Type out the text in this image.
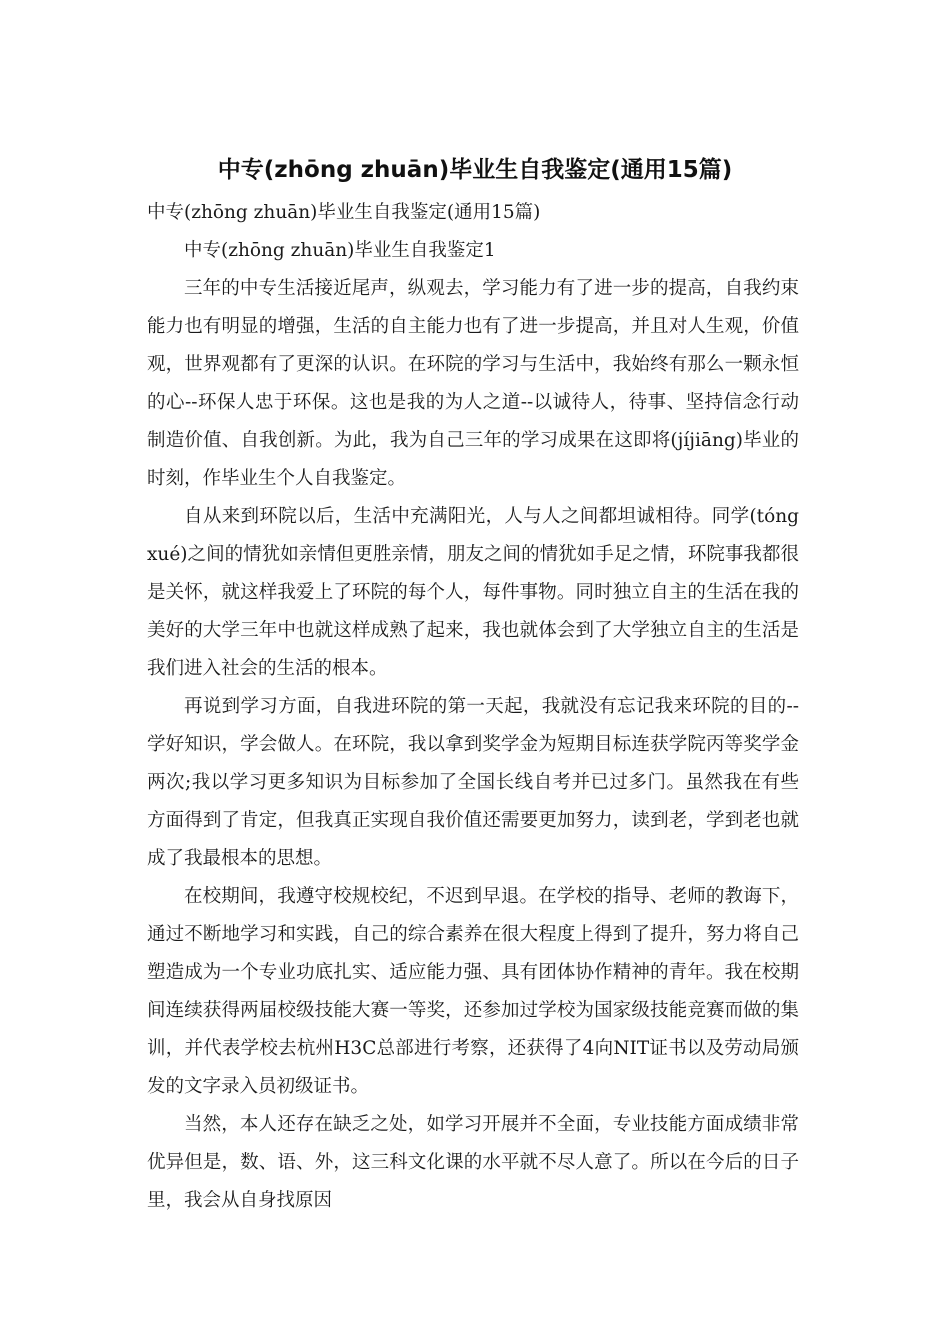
中专(zhōng zhuān)毕业生自我鉴定(通用15篇)

中专(zhōng zhuān)毕业生自我鉴定(通用15篇)

中专(zhōng zhuān)毕业生自我鉴定1

三年的中专生活接近尾声，纵观去，学习能力有了进一步的提高，自我约束能力也有明显的增强，生活的自主能力也有了进一步提高，并且对人生观，价值观，世界观都有了更深的认识。在环院的学习与生活中，我始终有那么一颗永恒的心--环保人忠于环保。这也是我的为人之道--以诚待人，待事、坚持信念行动制造价值、自我创新。为此，我为自己三年的学习成果在这即将(jíjiāng)毕业的时刻，作毕业生个人自我鉴定。

自从来到环院以后，生活中充满阳光，人与人之间都坦诚相待。同学(tóng xué)之间的情犹如亲情但更胜亲情，朋友之间的情犹如手足之情，环院事我都很是关怀，就这样我爱上了环院的每个人，每件事物。同时独立自主的生活在我的美好的大学三年中也就这样成熟了起来，我也就体会到了大学独立自主的生活是我们进入社会的生活的根本。

再说到学习方面，自我进环院的第一天起，我就没有忘记我来环院的目的--学好知识，学会做人。在环院，我以拿到奖学金为短期目标连获学院丙等奖学金两次;我以学习更多知识为目标参加了全国长线自考并已过多门。虽然我在有些方面得到了肯定，但我真正实现自我价值还需要更加努力，读到老，学到老也就成了我最根本的思想。

在校期间，我遵守校规校纪，不迟到早退。在学校的指导、老师的教诲下，通过不断地学习和实践，自己的综合素养在很大程度上得到了提升，努力将自己塑造成为一个专业功底扎实、适应能力强、具有团体协作精神的青年。我在校期间连续获得两届校级技能大赛一等奖，还参加过学校为国家级技能竞赛而做的集训，并代表学校去杭州H3C总部进行考察，还获得了4向NIT证书以及劳动局颁发的文字录入员初级证书。

当然，本人还存在缺乏之处，如学习开展并不全面，专业技能方面成绩非常优异但是，数、语、外，这三科文化课的水平就不尽人意了。所以在今后的日子里，我会从自身找原因
